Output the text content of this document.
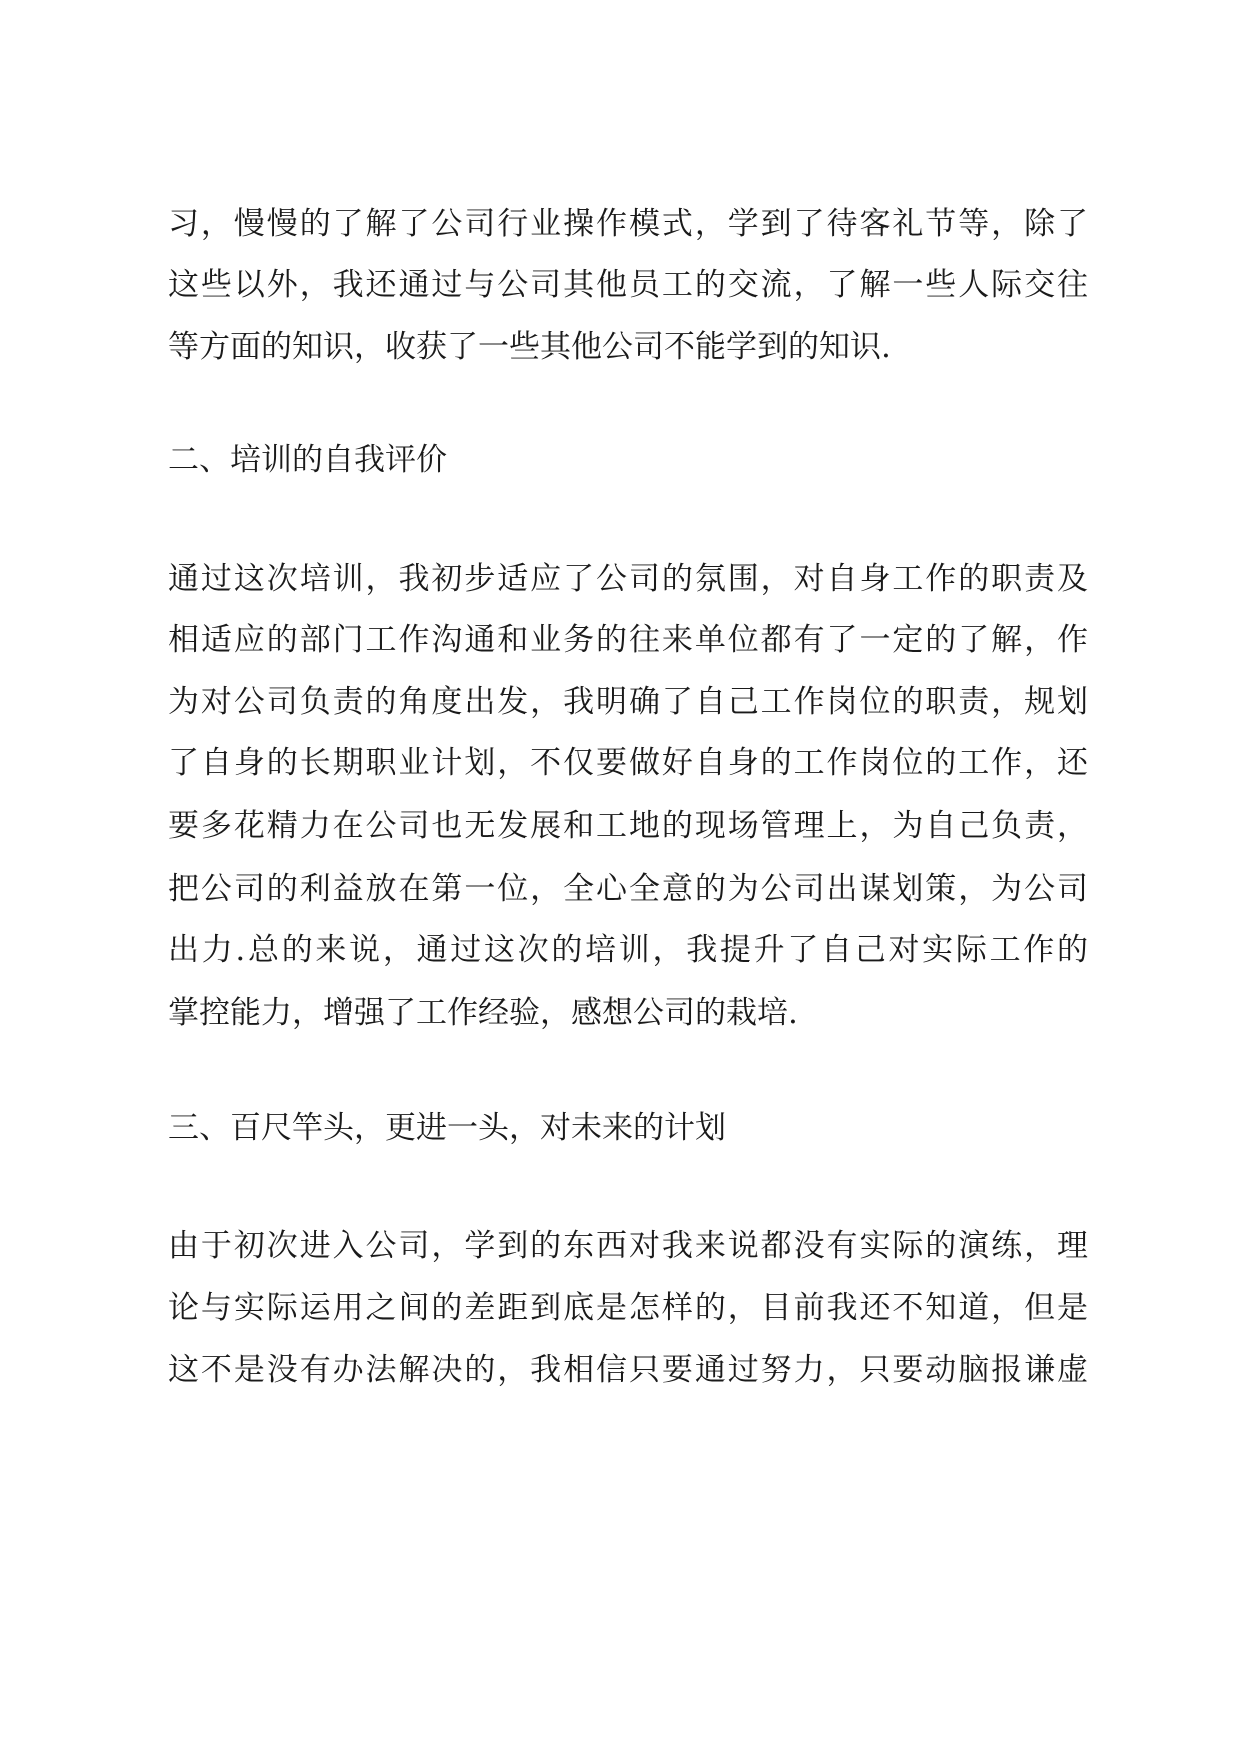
习，慢慢的了解了公司行业操作模式，学到了待客礼节等，除了
这些以外，我还通过与公司其他员工的交流，了解一些人际交往
等方面的知识，收获了一些其他公司不能学到的知识.
二、培训的自我评价
通过这次培训，我初步适应了公司的氛围，对自身工作的职责及
相适应的部门工作沟通和业务的往来单位都有了一定的了解，作
为对公司负责的角度出发，我明确了自己工作岗位的职责，规划
了自身的长期职业计划，不仅要做好自身的工作岗位的工作，还
要多花精力在公司也无发展和工地的现场管理上，为自己负责，
把公司的利益放在第一位，全心全意的为公司出谋划策，为公司
出力.总的来说，通过这次的培训，我提升了自己对实际工作的
掌控能力，增强了工作经验，感想公司的栽培.
三、百尺竿头，更进一头，对未来的计划
由于初次进入公司，学到的东西对我来说都没有实际的演练，理
论与实际运用之间的差距到底是怎样的，目前我还不知道，但是
这不是没有办法解决的，我相信只要通过努力，只要动脑报谦虚
